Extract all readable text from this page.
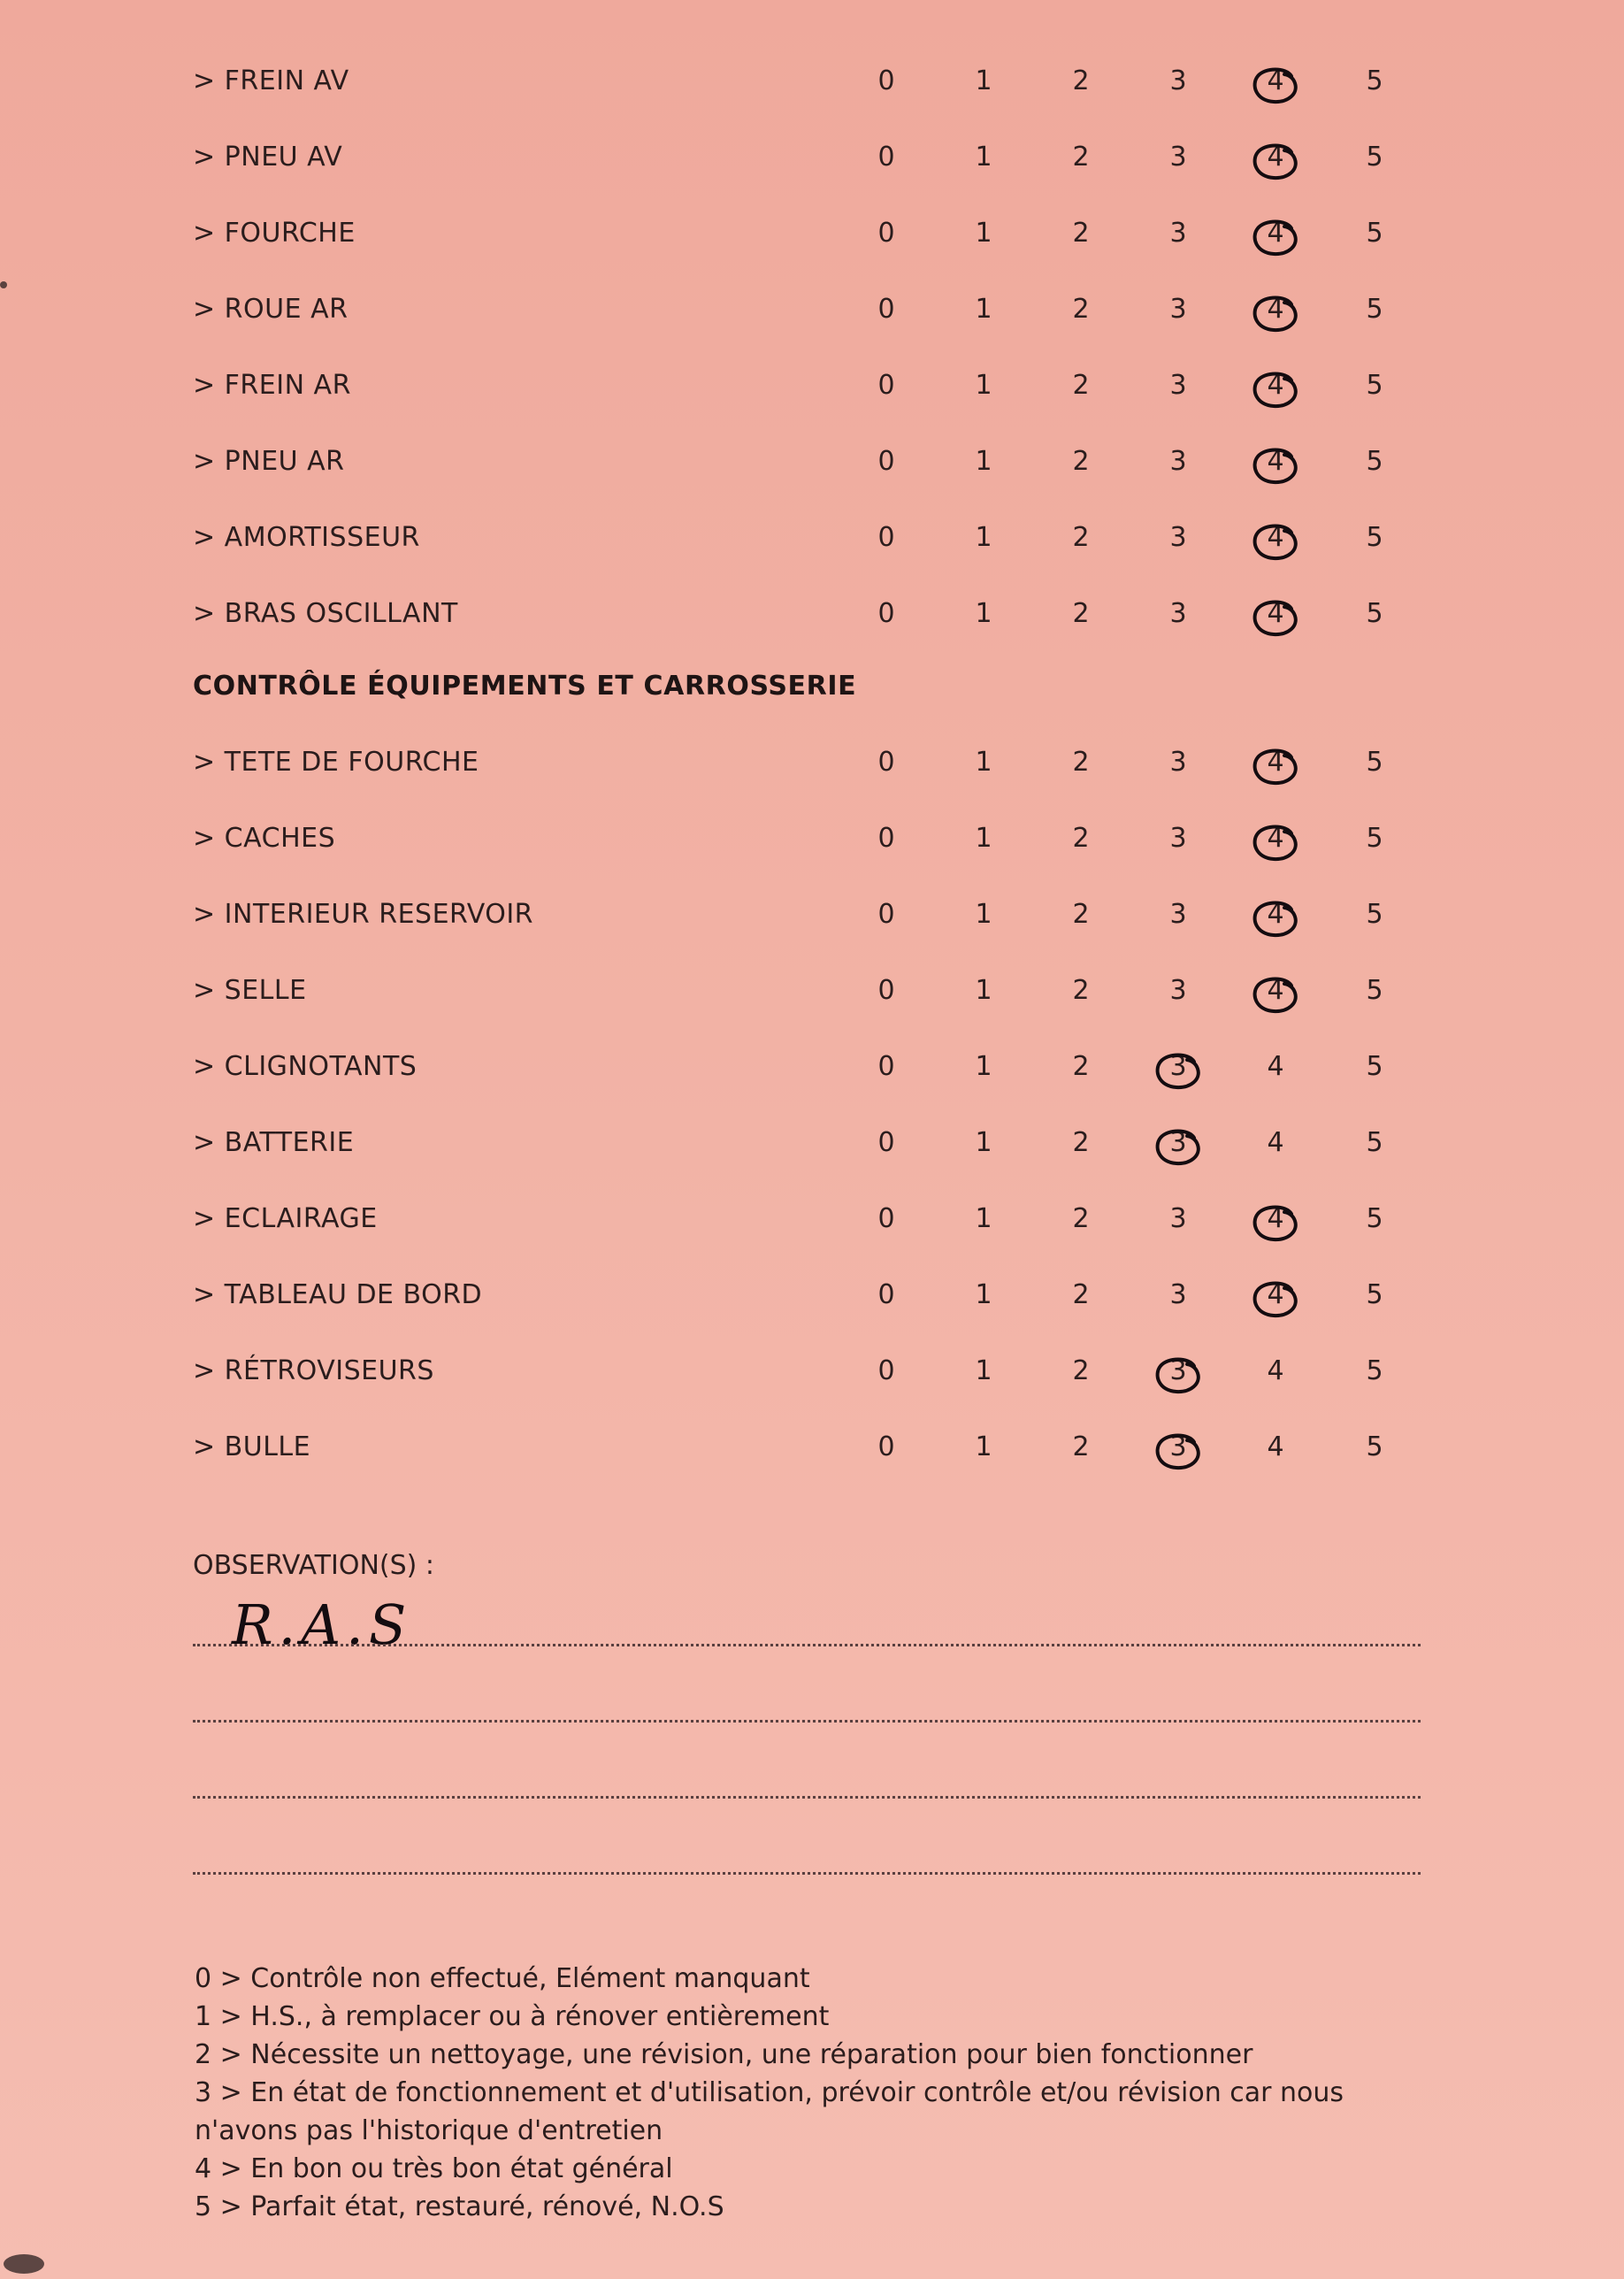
> FREIN AV	0	1	2	3	4	5
> PNEU AV	0	1	2	3	4	5
> FOURCHE	0	1	2	3	4	5
> ROUE AR	0	1	2	3	4	5
> FREIN AR	0	1	2	3	4	5
> PNEU AR	0	1	2	3	4	5
> AMORTISSEUR	0	1	2	3	4	5
> BRAS OSCILLANT	0	1	2	3	4	5
> TETE DE FOURCHE	0	1	2	3	4	5
> CACHES	0	1	2	3	4	5
> INTERIEUR RESERVOIR	0	1	2	3	4	5
> SELLE	0	1	2	3	4	5
> CLIGNOTANTS	0	1	2	3	4	5
> BATTERIE	0	1	2	3	4	5
> ECLAIRAGE	0	1	2	3	4	5
> TABLEAU DE BORD	0	1	2	3	4	5
> RÉTROVISEURS	0	1	2	3	4	5
> BULLE	0	1	2	3	4	5
CONTRÔLE ÉQUIPEMENTS ET CARROSSERIE
OBSERVATION(S) :
R.A.S
0 > Contrôle non effectué, Elément manquant
1 > H.S., à remplacer ou à rénover entièrement
2 > Nécessite un nettoyage, une révision, une réparation pour bien fonctionner
3 > En état de fonctionnement et d'utilisation, prévoir contrôle et/ou révision car nous
n'avons pas l'historique d'entretien
4 > En bon ou très bon état général
5 > Parfait état, restauré, rénové, N.O.S
